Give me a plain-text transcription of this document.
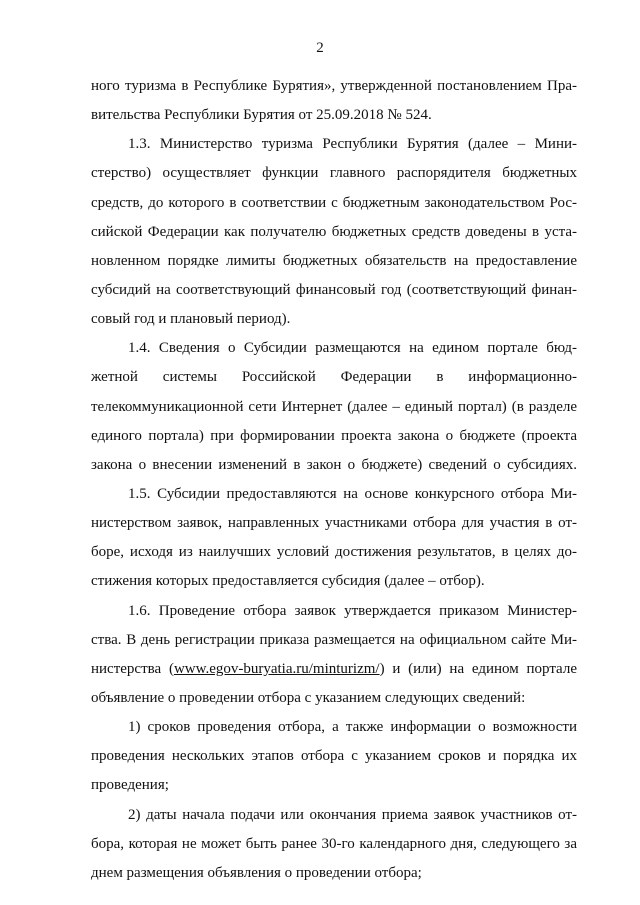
2
ного туризма в Республике Бурятия», утвержденной постановлением Пра-
вительства Республики Бурятия от 25.09.2018 № 524.
1.3. Министерство туризма Республики Бурятия (далее – Мини-
стерство) осуществляет функции главного распорядителя бюджетных
средств, до которого в соответствии с бюджетным законодательством Рос-
сийской Федерации как получателю бюджетных средств доведены в уста-
новленном порядке лимиты бюджетных обязательств на предоставление
субсидий на соответствующий финансовый год (соответствующий финан-
совый год и плановый период).
1.4. Сведения о Субсидии размещаются на едином портале бюд-
жетной системы Российской Федерации в информационно-
телекоммуникационной сети Интернет (далее – единый портал) (в разделе
единого портала) при формировании проекта закона о бюджете (проекта
закона о внесении изменений в закон о бюджете) сведений о субсидиях.
1.5. Субсидии предоставляются на основе конкурсного отбора Ми-
нистерством заявок, направленных участниками отбора для участия в от-
боре, исходя из наилучших условий достижения результатов, в целях до-
стижения которых предоставляется субсидия (далее – отбор).
1.6. Проведение отбора заявок утверждается приказом Министер-
ства. В день регистрации приказа размещается на официальном сайте Ми-
нистерства (www.egov-buryatia.ru/minturizm/) и (или) на едином портале
объявление о проведении отбора с указанием следующих сведений:
1) сроков проведения отбора, а также информации о возможности
проведения нескольких этапов отбора с указанием сроков и порядка их
проведения;
2) даты начала подачи или окончания приема заявок участников от-
бора, которая не может быть ранее 30-го календарного дня, следующего за
днем размещения объявления о проведении отбора;
